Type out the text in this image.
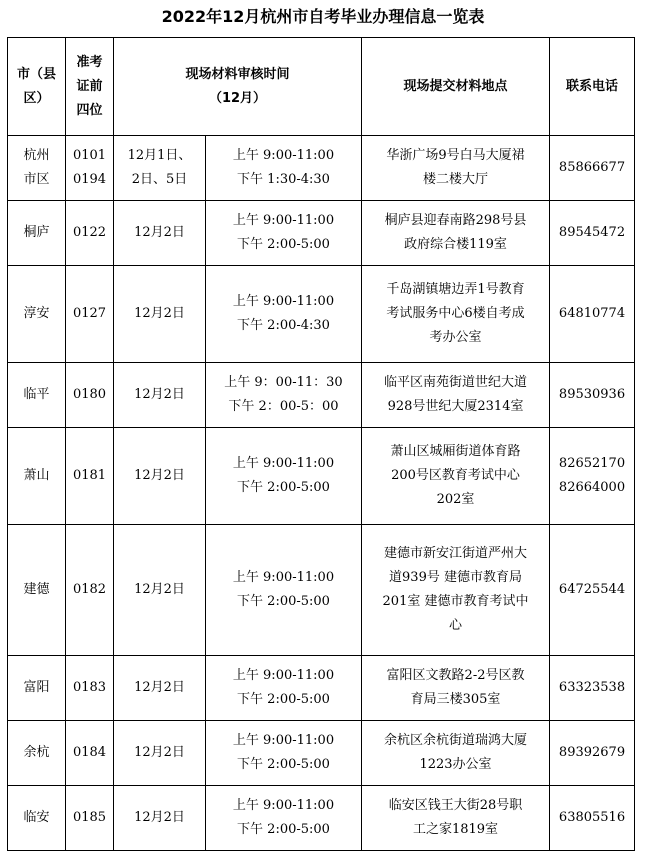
2022年12月杭州市自考毕业办理信息一览表
市（县
区）	准考
证前
四位	现场材料审核时间
（12月）		现场提交材料地点	联系电话

杭州
市区	0101
0194	12月1日、
2日、5日	上午 9:00-11:00
下午 1:30-4:30	华浙广场9号白马大厦裙
楼二楼大厅	85866677

桐庐	0122	12月2日	上午 9:00-11:00
下午 2:00-5:00	桐庐县迎春南路298号县
政府综合楼119室	89545472

淳安	0127	12月2日	上午 9:00-11:00
下午 2:00-4:30	千岛湖镇塘边弄1号教育
考试服务中心6楼自考成
考办公室	64810774

临平	0180	12月2日	上午 9：00-11：30
下午 2：00-5：00	临平区南苑街道世纪大道
928号世纪大厦2314室	89530936

萧山	0181	12月2日	上午 9:00-11:00
下午 2:00-5:00	萧山区城厢街道体育路
200号区教育考试中心
202室	82652170
82664000

建德	0182	12月2日	上午 9:00-11:00
下午 2:00-5:00	建德市新安江街道严州大
道939号 建德市教育局
201室 建德市教育考试中
心	64725544

富阳	0183	12月2日	上午 9:00-11:00
下午 2:00-5:00	富阳区文教路2-2号区教
育局三楼305室	63323538

余杭	0184	12月2日	上午 9:00-11:00
下午 2:00-5:00	余杭区余杭街道瑞鸿大厦
1223办公室	89392679

临安	0185	12月2日	上午 9:00-11:00
下午 2:00-5:00	临安区钱王大街28号职
工之家1819室	63805516
